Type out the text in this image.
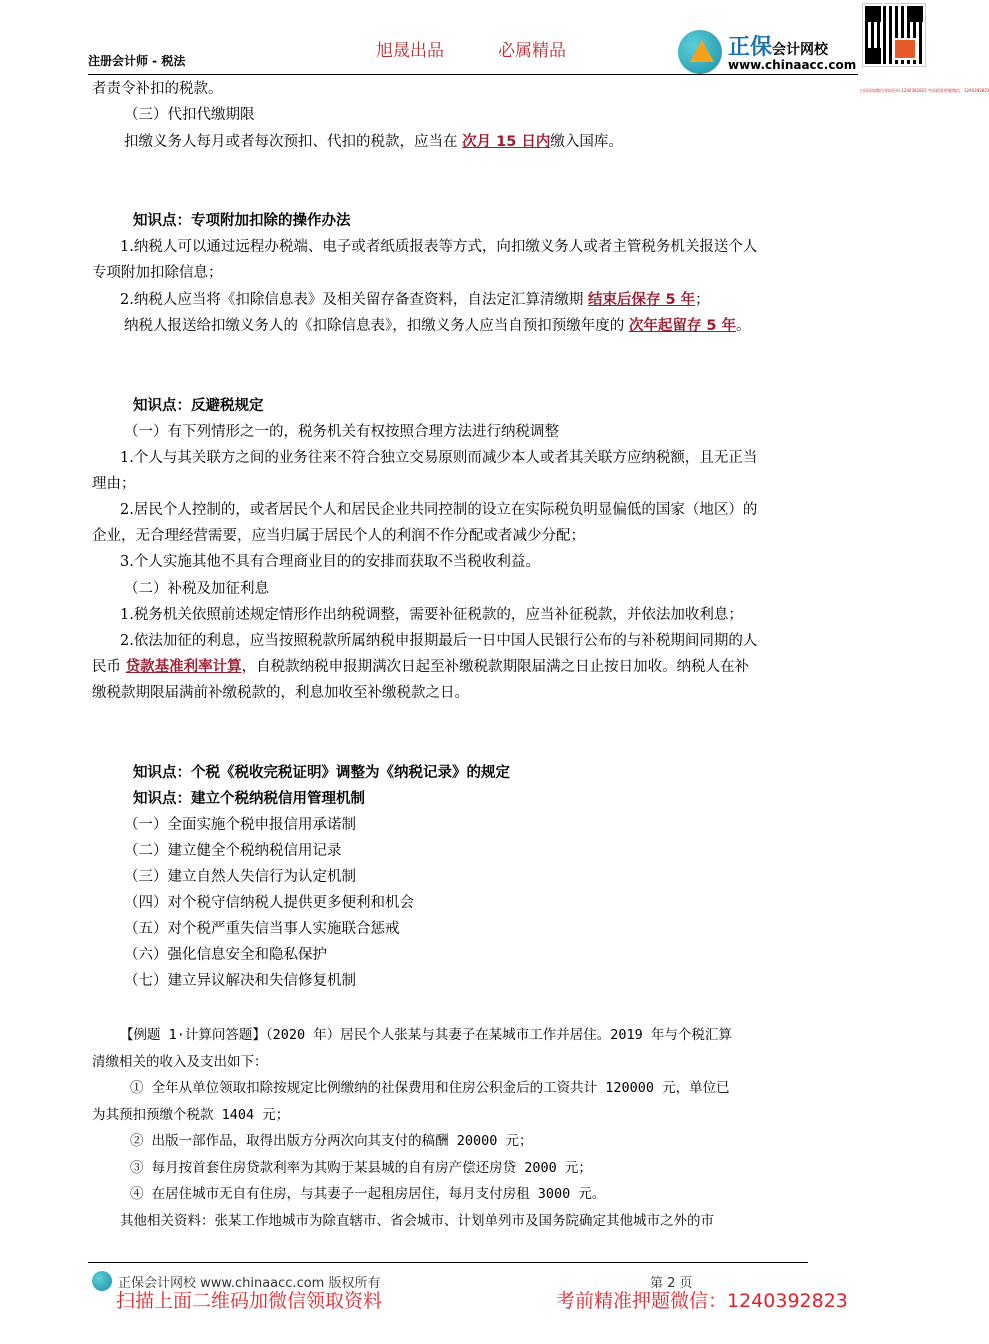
旭晟出品	必属精品
注册会计师 - 税法
正保会计网校
www.chinaacc.com
扫码添加微信领取资料 1240392823 考前精准押题微信：1240392823
者责令补扣的税款。
（三）代扣代缴期限
扣缴义务人每月或者每次预扣、代扣的税款，应当在 次月 15 日内缴入国库。
知识点：专项附加扣除的操作办法
1.纳税人可以通过远程办税端、电子或者纸质报表等方式，向扣缴义务人或者主管税务机关报送个人
专项附加扣除信息；
2.纳税人应当将《扣除信息表》及相关留存备查资料，自法定汇算清缴期 结束后保存 5 年；
纳税人报送给扣缴义务人的《扣除信息表》，扣缴义务人应当自预扣预缴年度的 次年起留存 5 年。
知识点：反避税规定
（一）有下列情形之一的，税务机关有权按照合理方法进行纳税调整
1.个人与其关联方之间的业务往来不符合独立交易原则而减少本人或者其关联方应纳税额，且无正当
理由；
2.居民个人控制的，或者居民个人和居民企业共同控制的设立在实际税负明显偏低的国家（地区）的
企业，无合理经营需要，应当归属于居民个人的利润不作分配或者减少分配；
3.个人实施其他不具有合理商业目的的安排而获取不当税收利益。
（二）补税及加征利息
1.税务机关依照前述规定情形作出纳税调整，需要补征税款的，应当补征税款，并依法加收利息；
2.依法加征的利息，应当按照税款所属纳税申报期最后一日中国人民银行公布的与补税期间同期的人
民币 贷款基准利率计算，自税款纳税申报期满次日起至补缴税款期限届满之日止按日加收。纳税人在补
缴税款期限届满前补缴税款的，利息加收至补缴税款之日。
知识点：个税《税收完税证明》调整为《纳税记录》的规定
知识点：建立个税纳税信用管理机制
（一）全面实施个税申报信用承诺制
（二）建立健全个税纳税信用记录
（三）建立自然人失信行为认定机制
（四）对个税守信纳税人提供更多便利和机会
（五）对个税严重失信当事人实施联合惩戒
（六）强化信息安全和隐私保护
（七）建立异议解决和失信修复机制
【例题 1·计算问答题】（2020 年）居民个人张某与其妻子在某城市工作并居住。2019 年与个税汇算
清缴相关的收入及支出如下：
① 全年从单位领取扣除按规定比例缴纳的社保费用和住房公积金后的工资共计 120000 元，单位已
为其预扣预缴个税款 1404 元；
② 出版一部作品，取得出版方分两次向其支付的稿酬 20000 元；
③ 每月按首套住房贷款利率为其购于某县城的自有房产偿还房贷 2000 元；
④ 在居住城市无自有住房，与其妻子一起租房居住，每月支付房租 3000 元。
其他相关资料：张某工作地城市为除直辖市、省会城市、计划单列市及国务院确定其他城市之外的市
正保会计网校 www.chinaacc.com 版权所有	第 2 页
扫描上面二维码加微信领取资料	考前精准押题微信：1240392823
